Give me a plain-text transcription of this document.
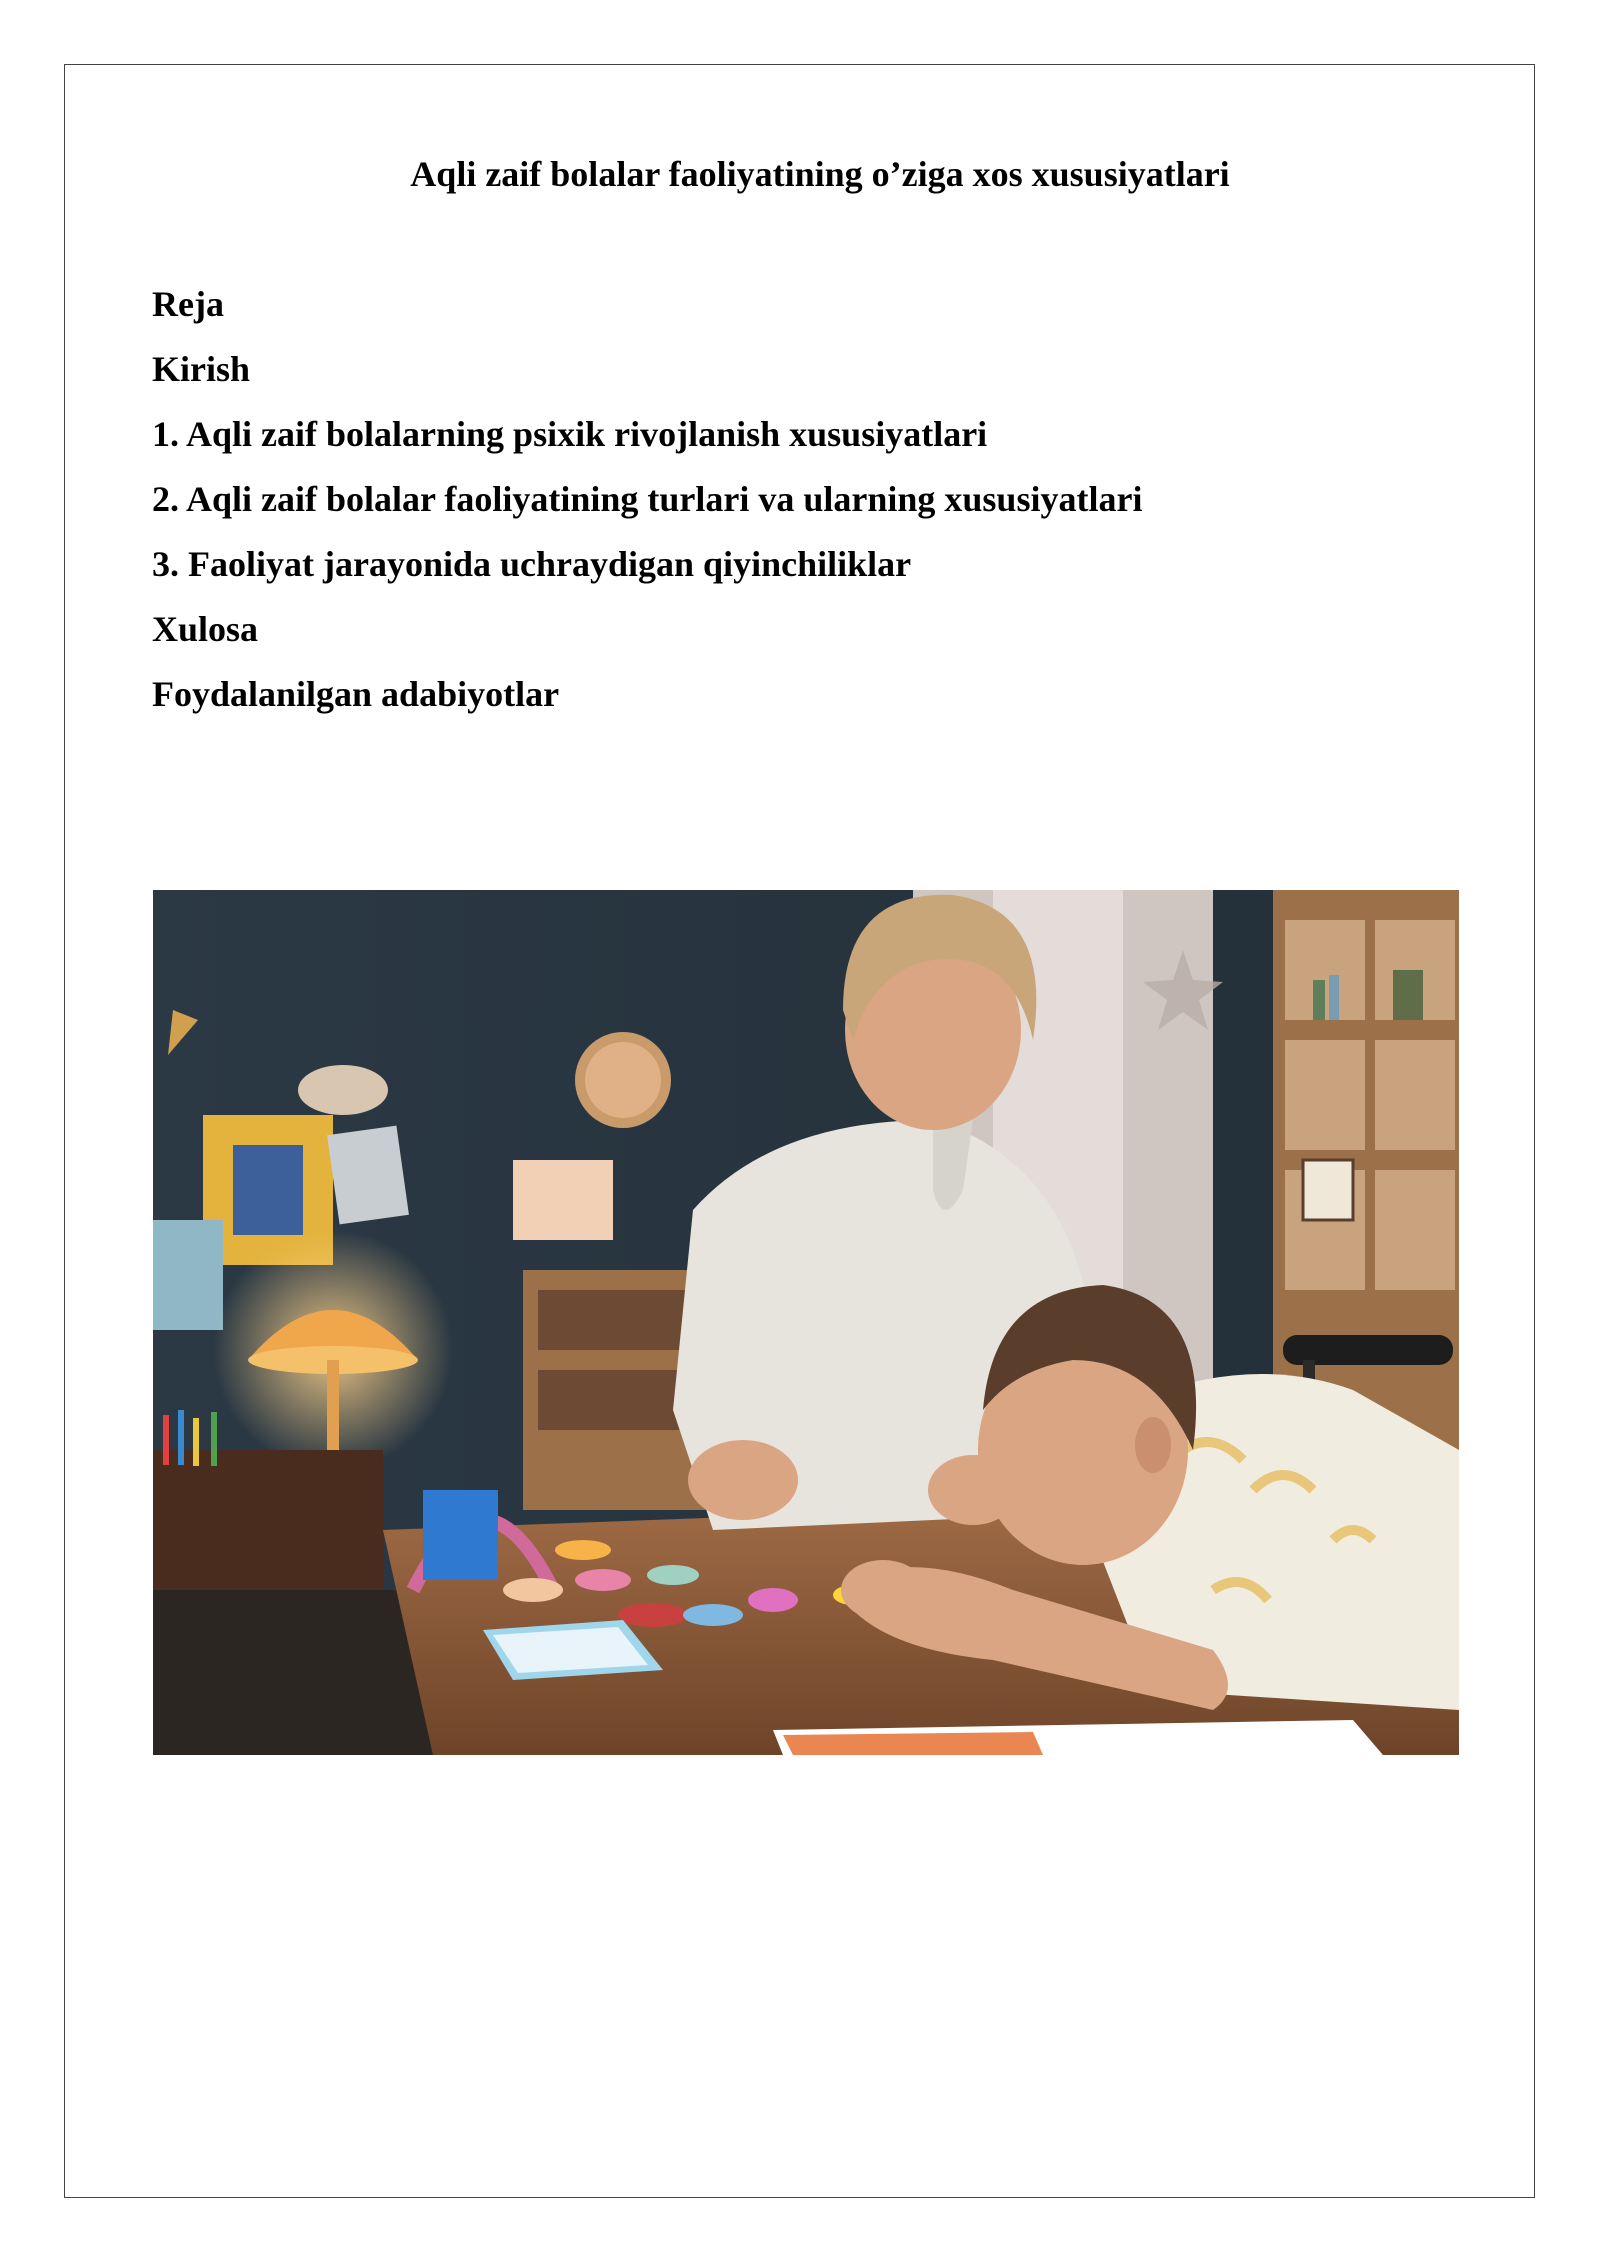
Aqli zaif bolalar faoliyatining o’ziga xos xususiyatlari
Reja
Kirish
1. Aqli zaif bolalarning psixik rivojlanish xususiyatlari
2. Aqli zaif bolalar faoliyatining turlari va ularning xususiyatlari
3. Faoliyat jarayonida uchraydigan qiyinchiliklar
Xulosa
Foydalanilgan adabiyotlar
